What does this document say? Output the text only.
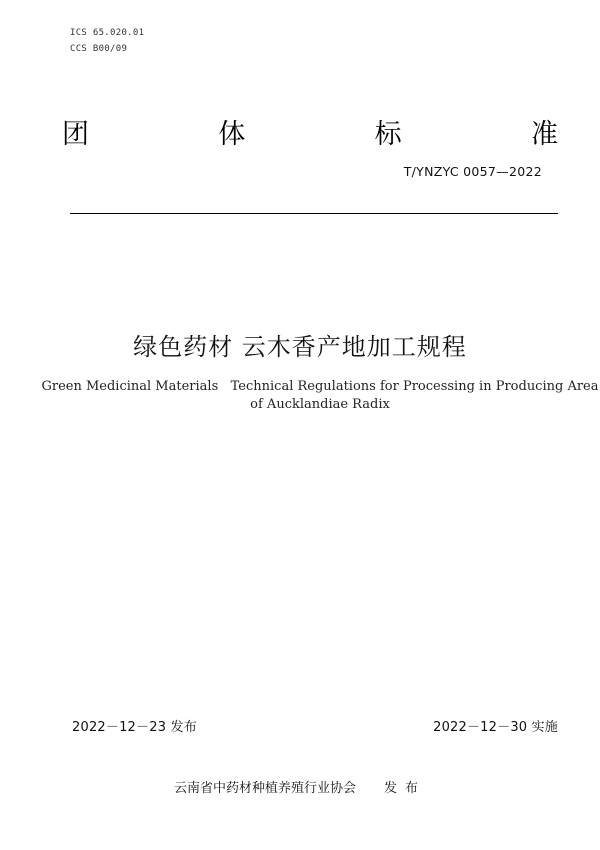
ICS 65.020.01
CCS B00/09
团	体	标	准
T/YNZYC 0057—2022
绿色药材 云木香产地加工规程
Green Medicinal Materials   Technical Regulations for Processing in Producing Area
of Aucklandiae Radix
2022－12－23 发布	2022－12－30 实施
云南省中药材种植养殖行业协会 发布
